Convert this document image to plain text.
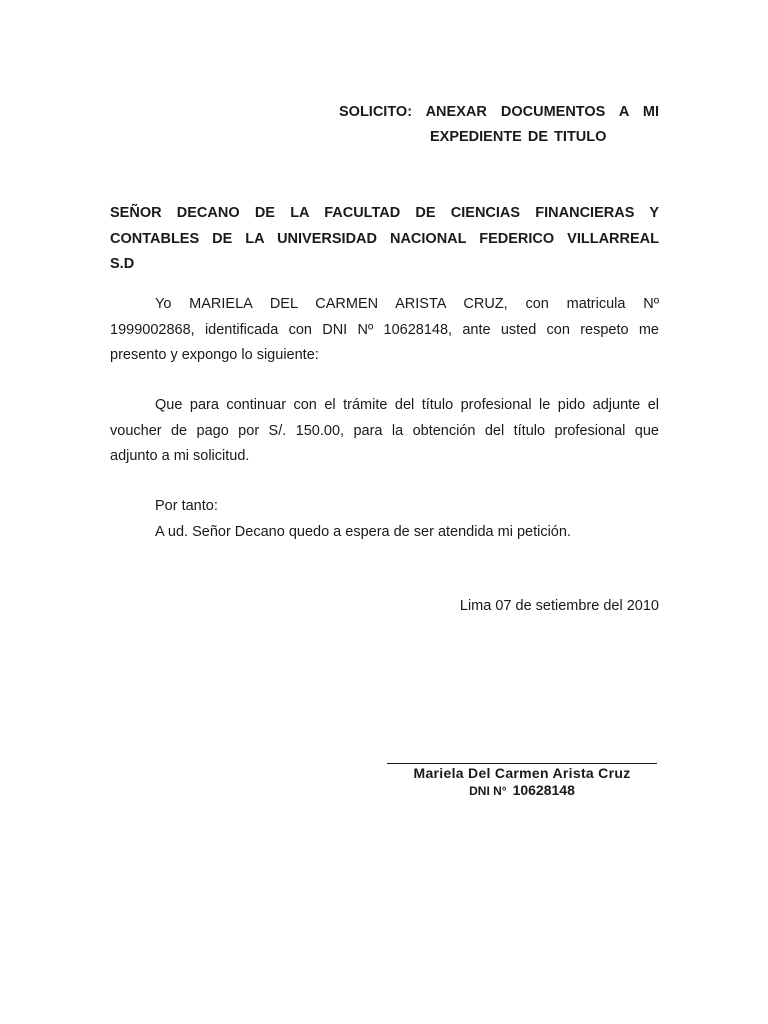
SOLICITO: ANEXAR DOCUMENTOS A MI
EXPEDIENTE DE TITULO
SEÑOR DECANO DE LA FACULTAD DE CIENCIAS FINANCIERAS Y
CONTABLES DE LA UNIVERSIDAD NACIONAL FEDERICO VILLARREAL
S.D
Yo MARIELA DEL CARMEN ARISTA CRUZ, con matricula Nº
1999002868, identificada con DNI Nº 10628148, ante usted con respeto me
presento y expongo lo siguiente:
Que para continuar con el trámite del título profesional le pido adjunte el
voucher de pago por S/. 150.00, para la obtención del título profesional que
adjunto a mi solicitud.
Por tanto:
A ud. Señor Decano quedo a espera de ser atendida mi petición.
Lima 07 de setiembre del 2010
Mariela Del Carmen Arista Cruz
DNI N° 10628148
